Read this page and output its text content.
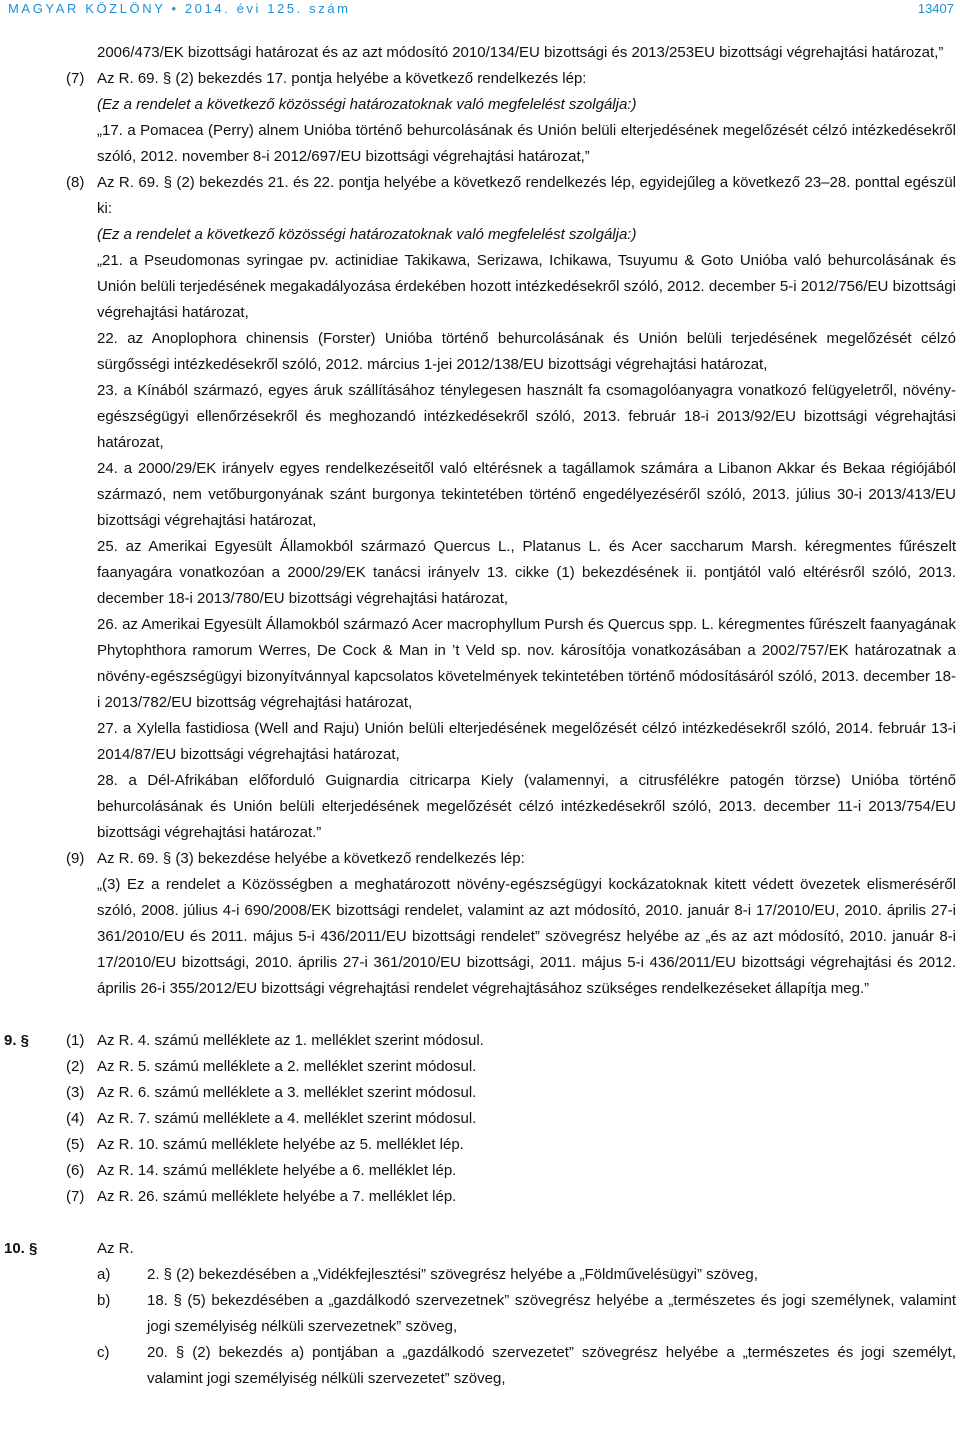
MAGYAR KÖZLÖNY • 2014. évi 125. szám	13407

2006/473/EK bizottsági határozat és az azt módosító 2010/134/EU bizottsági és 2013/253EU bizottsági végrehajtási határozat,”

(7) Az R. 69. § (2) bekezdés 17. pontja helyébe a következő rendelkezés lép:

(Ez a rendelet a következő közösségi határozatoknak való megfelelést szolgálja:)

„17. a Pomacea (Perry) alnem Unióba történő behurcolásának és Unión belüli elterjedésének megelőzését célzó intézkedésekről szóló, 2012. november 8-i 2012/697/EU bizottsági végrehajtási határozat,”

(8) Az R. 69. § (2) bekezdés 21. és 22. pontja helyébe a következő rendelkezés lép, egyidejűleg a következő 23–28. ponttal egészül ki:

(Ez a rendelet a következő közösségi határozatoknak való megfelelést szolgálja:)

„21. a Pseudomonas syringae pv. actinidiae Takikawa, Serizawa, Ichikawa, Tsuyumu & Goto Unióba való behurcolásának és Unión belüli terjedésének megakadályozása érdekében hozott intézkedésekről szóló, 2012. december 5-i 2012/756/EU bizottsági végrehajtási határozat,

22. az Anoplophora chinensis (Forster) Unióba történő behurcolásának és Unión belüli terjedésének megelőzését célzó sürgősségi intézkedésekről szóló, 2012. március 1-jei 2012/138/EU bizottsági végrehajtási határozat,

23. a Kínából származó, egyes áruk szállításához ténylegesen használt fa csomagolóanyagra vonatkozó felügyeletről, növény-egészségügyi ellenőrzésekről és meghozandó intézkedésekről szóló, 2013. február 18-i 2013/92/EU bizottsági végrehajtási határozat,

24. a 2000/29/EK irányelv egyes rendelkezéseitől való eltérésnek a tagállamok számára a Libanon Akkar és Bekaa régiójából származó, nem vetőburgonyának szánt burgonya tekintetében történő engedélyezéséről szóló, 2013. július 30-i 2013/413/EU bizottsági végrehajtási határozat,

25. az Amerikai Egyesült Államokból származó Quercus L., Platanus L. és Acer saccharum Marsh. kéregmentes fűrészelt faanyagára vonatkozóan a 2000/29/EK tanácsi irányelv 13. cikke (1) bekezdésének ii. pontjától való eltérésről szóló, 2013. december 18-i 2013/780/EU bizottsági végrehajtási határozat,

26. az Amerikai Egyesült Államokból származó Acer macrophyllum Pursh és Quercus spp. L. kéregmentes fűrészelt faanyagának Phytophthora ramorum Werres, De Cock & Man in ’t Veld sp. nov. károsítója vonatkozásában a 2002/757/EK határozatnak a növény-egészségügyi bizonyítvánnyal kapcsolatos követelmények tekintetében történő módosításáról szóló, 2013. december 18-i 2013/782/EU bizottság végrehajtási határozat,

27. a Xylella fastidiosa (Well and Raju) Unión belüli elterjedésének megelőzését célzó intézkedésekről szóló, 2014. február 13-i 2014/87/EU bizottsági végrehajtási határozat,

28. a Dél-Afrikában előforduló Guignardia citricarpa Kiely (valamennyi, a citrusfélékre patogén törzse) Unióba történő behurcolásának és Unión belüli elterjedésének megelőzését célzó intézkedésekről szóló, 2013. december 11-i 2013/754/EU bizottsági végrehajtási határozat.”

(9) Az R. 69. § (3) bekezdése helyébe a következő rendelkezés lép:

„(3) Ez a rendelet a Közösségben a meghatározott növény-egészségügyi kockázatoknak kitett védett övezetek elismeréséről szóló, 2008. július 4-i 690/2008/EK bizottsági rendelet, valamint az azt módosító, 2010. január 8-i 17/2010/EU, 2010. április 27-i 361/2010/EU és 2011. május 5-i 436/2011/EU bizottsági rendelet” szövegrész helyébe az „és az azt módosító, 2010. január 8-i 17/2010/EU bizottsági, 2010. április 27-i 361/2010/EU bizottsági, 2011. május 5-i 436/2011/EU bizottsági végrehajtási és 2012. április 26-i 355/2012/EU bizottsági végrehajtási rendelet végrehajtásához szükséges rendelkezéseket állapítja meg.”

9. § (1) Az R. 4. számú melléklete az 1. melléklet szerint módosul.

(2) Az R. 5. számú melléklete a 2. melléklet szerint módosul.

(3) Az R. 6. számú melléklete a 3. melléklet szerint módosul.

(4) Az R. 7. számú melléklete a 4. melléklet szerint módosul.

(5) Az R. 10. számú melléklete helyébe az 5. melléklet lép.

(6) Az R. 14. számú melléklete helyébe a 6. melléklet lép.

(7) Az R. 26. számú melléklete helyébe a 7. melléklet lép.

10. §	Az R.

a) 2. § (2) bekezdésében a „Vidékfejlesztési” szövegrész helyébe a „Földművelésügyi” szöveg,

b) 18. § (5) bekezdésében a „gazdálkodó szervezetnek” szövegrész helyébe a „természetes és jogi személynek, valamint jogi személyiség nélküli szervezetnek” szöveg,

c)	20. § (2) bekezdés a) pontjában a „gazdálkodó szervezetet” szövegrész helyébe a „természetes és jogi személyt, valamint jogi személyiség nélküli szervezetet” szöveg,
